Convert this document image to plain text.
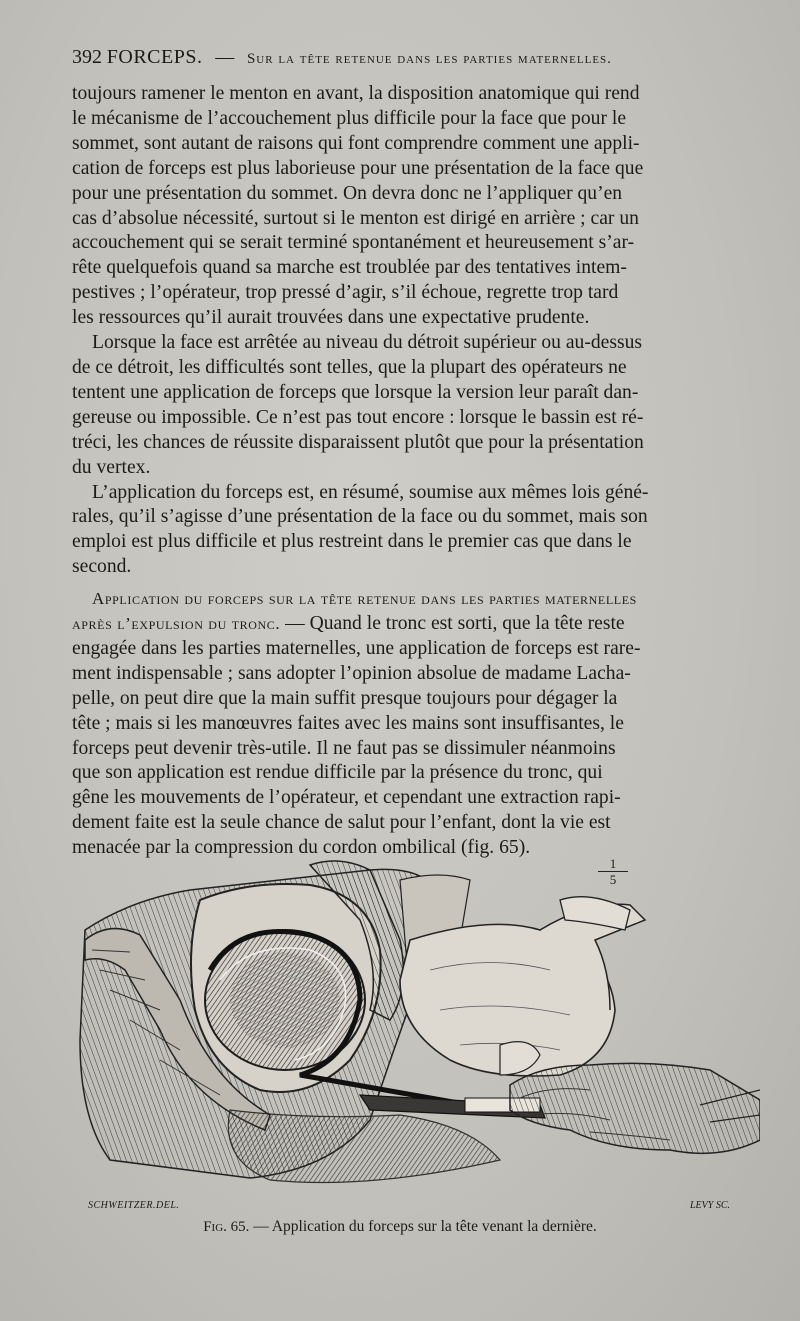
392 FORCEPS. — Sur la tête retenue dans les parties maternelles.

toujours ramener le menton en avant, la disposition anatomique qui rend
le mécanisme de l’accouchement plus difficile pour la face que pour le
sommet, sont autant de raisons qui font comprendre comment une appli-
cation de forceps est plus laborieuse pour une présentation de la face que
pour une présentation du sommet. On devra donc ne l’appliquer qu’en
cas d’absolue nécessité, surtout si le menton est dirigé en arrière ; car un
accouchement qui se serait terminé spontanément et heureusement s’ar-
rête quelquefois quand sa marche est troublée par des tentatives intem-
pestives ; l’opérateur, trop pressé d’agir, s’il échoue, regrette trop tard
les ressources qu’il aurait trouvées dans une expectative prudente.

Lorsque la face est arrêtée au niveau du détroit supérieur ou au-dessus
de ce détroit, les difficultés sont telles, que la plupart des opérateurs ne
tentent une application de forceps que lorsque la version leur paraît dan-
gereuse ou impossible. Ce n’est pas tout encore : lorsque le bassin est ré-
tréci, les chances de réussite disparaissent plutôt que pour la présentation
du vertex.

L’application du forceps est, en résumé, soumise aux mêmes lois géné-
rales, qu’il s’agisse d’une présentation de la face ou du sommet, mais son
emploi est plus difficile et plus restreint dans le premier cas que dans le
second.

Application du forceps sur la tête retenue dans les parties maternelles
après l’expulsion du tronc. — Quand le tronc est sorti, que la tête reste
engagée dans les parties maternelles, une application de forceps est rare-
ment indispensable ; sans adopter l’opinion absolue de madame Lacha-
pelle, on peut dire que la main suffit presque toujours pour dégager la
tête ; mais si les manœuvres faites avec les mains sont insuffisantes, le
forceps peut devenir très-utile. Il ne faut pas se dissimuler néanmoins
que son application est rendue difficile par la présence du tronc, qui
gêne les mouvements de l’opérateur, et cependant une extraction rapi-
dement faite est la seule chance de salut pour l’enfant, dont la vie est
menacée par la compression du cordon ombilical (fig. 65).

1
5
SCHWEITZER.DEL.	LEVY SC.
Fig. 65. — Application du forceps sur la tête venant la dernière.
